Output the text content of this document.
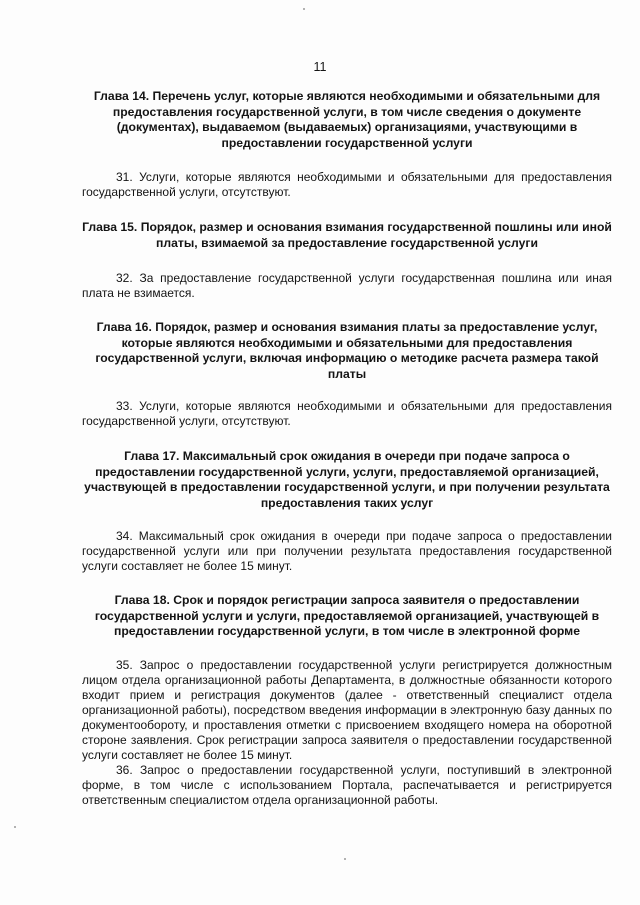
11
Глава 14. Перечень услуг, которые являются необходимыми и обязательными для предоставления государственной услуги, в том числе сведения о документе (документах), выдаваемом (выдаваемых) организациями, участвующими в предоставлении государственной услуги
31. Услуги, которые являются необходимыми и обязательными для предоставления государственной услуги, отсутствуют.
Глава 15. Порядок, размер и основания взимания государственной пошлины или иной платы, взимаемой за предоставление государственной услуги
32. За предоставление государственной услуги государственная пошлина или иная плата не взимается.
Глава 16. Порядок, размер и основания взимания платы за предоставление услуг, которые являются необходимыми и обязательными для предоставления государственной услуги, включая информацию о методике расчета размера такой платы
33. Услуги, которые являются необходимыми и обязательными для предоставления государственной услуги, отсутствуют.
Глава 17. Максимальный срок ожидания в очереди при подаче запроса о предоставлении государственной услуги, услуги, предоставляемой организацией, участвующей в предоставлении государственной услуги, и при получении результата предоставления таких услуг
34. Максимальный срок ожидания в очереди при подаче запроса о предоставлении государственной услуги или при получении результата предоставления государственной услуги составляет не более 15 минут.
Глава 18. Срок и порядок регистрации запроса заявителя о предоставлении государственной услуги и услуги, предоставляемой организацией, участвующей в предоставлении государственной услуги, в том числе в электронной форме
35. Запрос о предоставлении государственной услуги регистрируется должностным лицом отдела организационной работы Департамента, в должностные обязанности которого входит прием и регистрация документов (далее - ответственный специалист отдела организационной работы), посредством введения информации в электронную базу данных по документообороту, и проставления отметки с присвоением входящего номера на оборотной стороне заявления. Срок регистрации запроса заявителя о предоставлении государственной услуги составляет не более 15 минут.
36. Запрос о предоставлении государственной услуги, поступивший в электронной форме, в том числе с использованием Портала, распечатывается и регистрируется ответственным специалистом отдела организационной работы.
